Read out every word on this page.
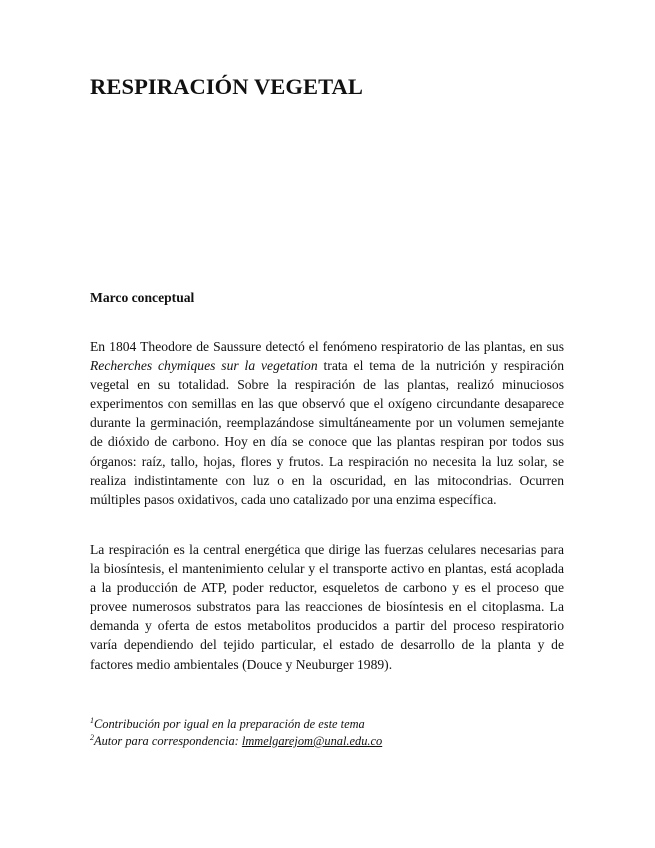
RESPIRACIÓN VEGETAL
Marco conceptual

En 1804 Theodore de Saussure detectó el fenómeno respiratorio de las plantas, en sus Recherches chymiques sur la vegetation trata el tema de la nutrición y respiración vegetal en su totalidad. Sobre la respiración de las plantas, realizó minuciosos experimentos con semillas en las que observó que el oxígeno circundante desaparece durante la germinación, reemplazándose simultáneamente por un volumen semejante de dióxido de carbono. Hoy en día se conoce que las plantas respiran por todos sus órganos: raíz, tallo, hojas, flores y frutos. La respiración no necesita la luz solar, se realiza indistintamente con luz o en la oscuridad, en las mitocondrias. Ocurren múltiples pasos oxidativos, cada uno catalizado por una enzima específica.

La respiración es la central energética que dirige las fuerzas celulares necesarias para la biosíntesis, el mantenimiento celular y el transporte activo en plantas, está acoplada a la producción de ATP, poder reductor, esqueletos de carbono y es el proceso que provee numerosos substratos para las reacciones de biosíntesis en el citoplasma. La demanda y oferta de estos metabolitos producidos a partir del proceso respiratorio varía dependiendo del tejido particular, el estado de desarrollo de la planta y de factores medio ambientales (Douce y Neuburger 1989).

$^1$Contribución por igual en la preparación de este tema
$^2$Autor para correspondencia: lmmelgarejom@unal.edu.co
